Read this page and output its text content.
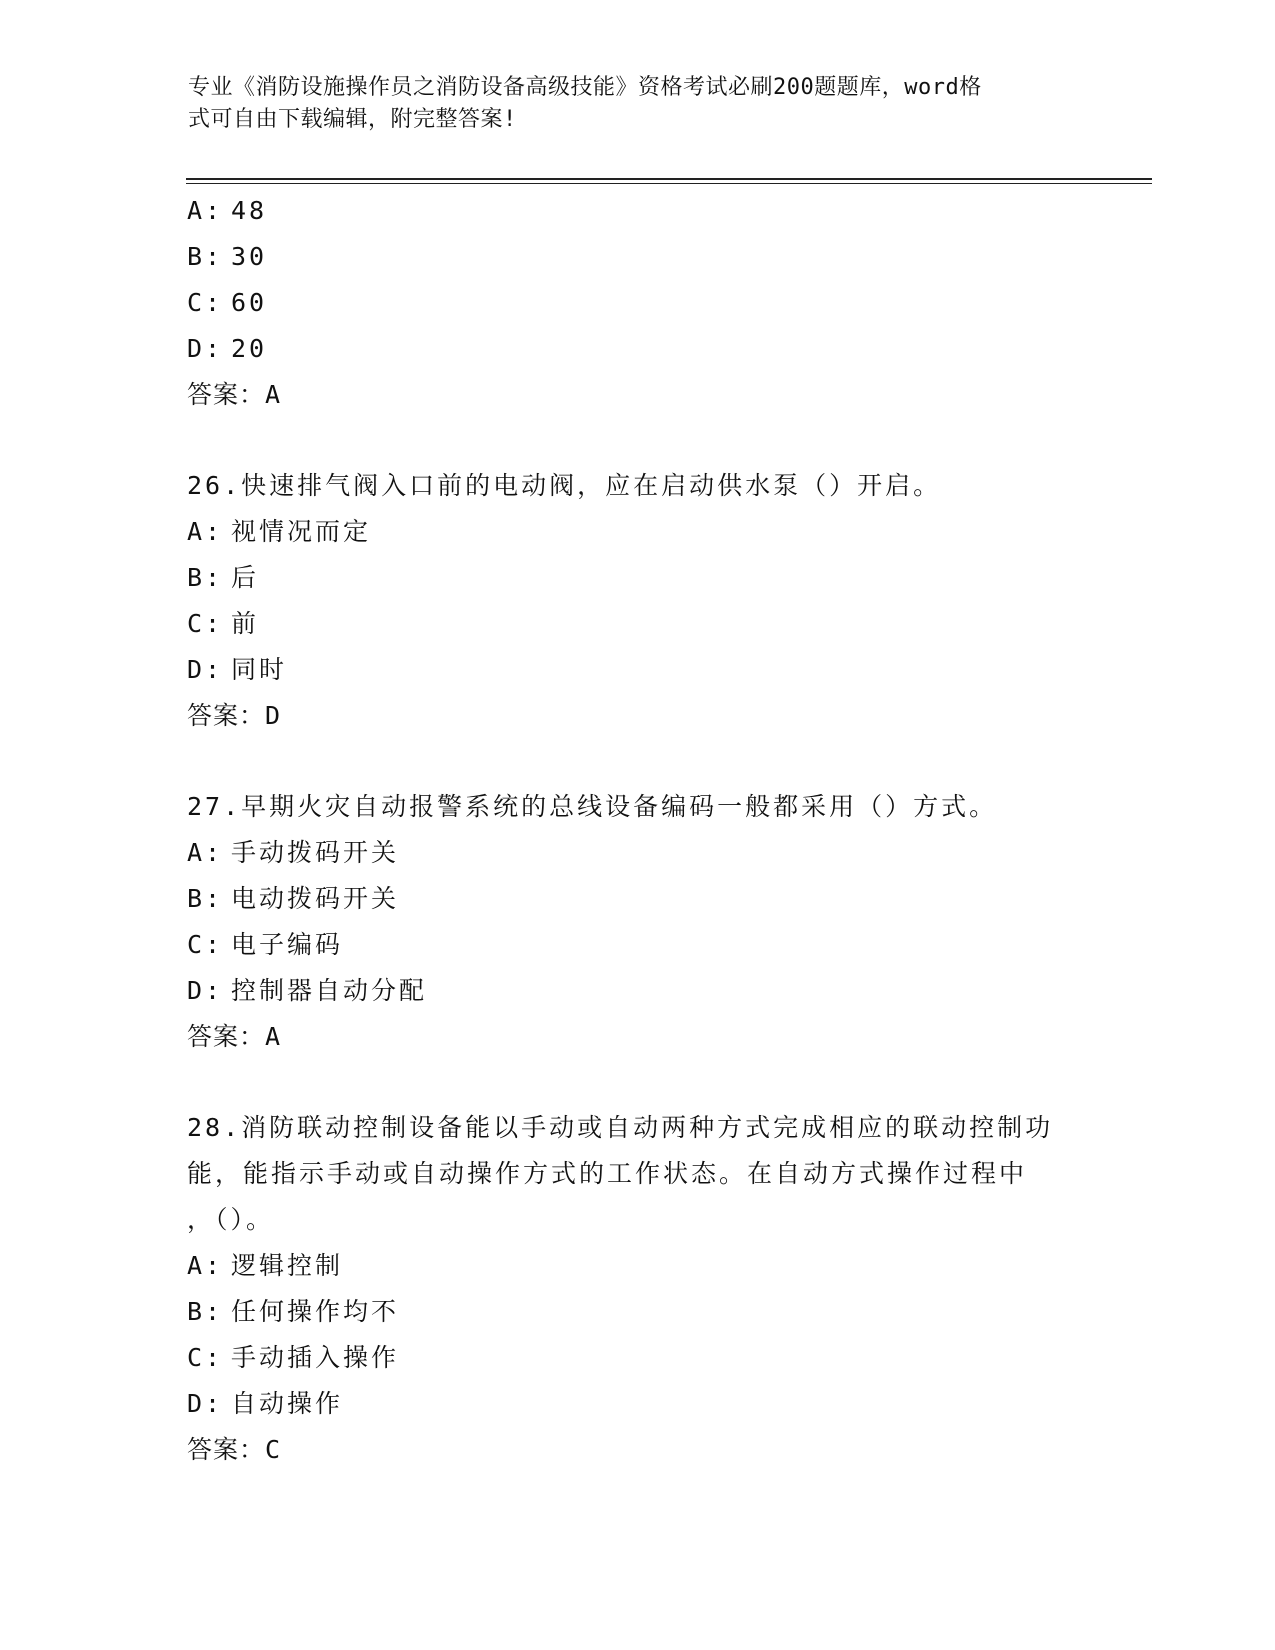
专业《消防设施操作员之消防设备高级技能》资格考试必刷200题题库，word格
式可自由下载编辑，附完整答案!
A: 48
B: 30
C: 60
D: 20
答案：A
26.快速排气阀入口前的电动阀，应在启动供水泵（）开启。
A: 视情况而定
B: 后
C: 前
D: 同时
答案：D
27.早期火灾自动报警系统的总线设备编码一般都采用（）方式。
A: 手动拨码开关
B: 电动拨码开关
C: 电子编码
D: 控制器自动分配
答案：A
28.消防联动控制设备能以手动或自动两种方式完成相应的联动控制功
能，能指示手动或自动操作方式的工作状态。在自动方式操作过程中
，（）。
A: 逻辑控制
B: 任何操作均不
C: 手动插入操作
D: 自动操作
答案：C
